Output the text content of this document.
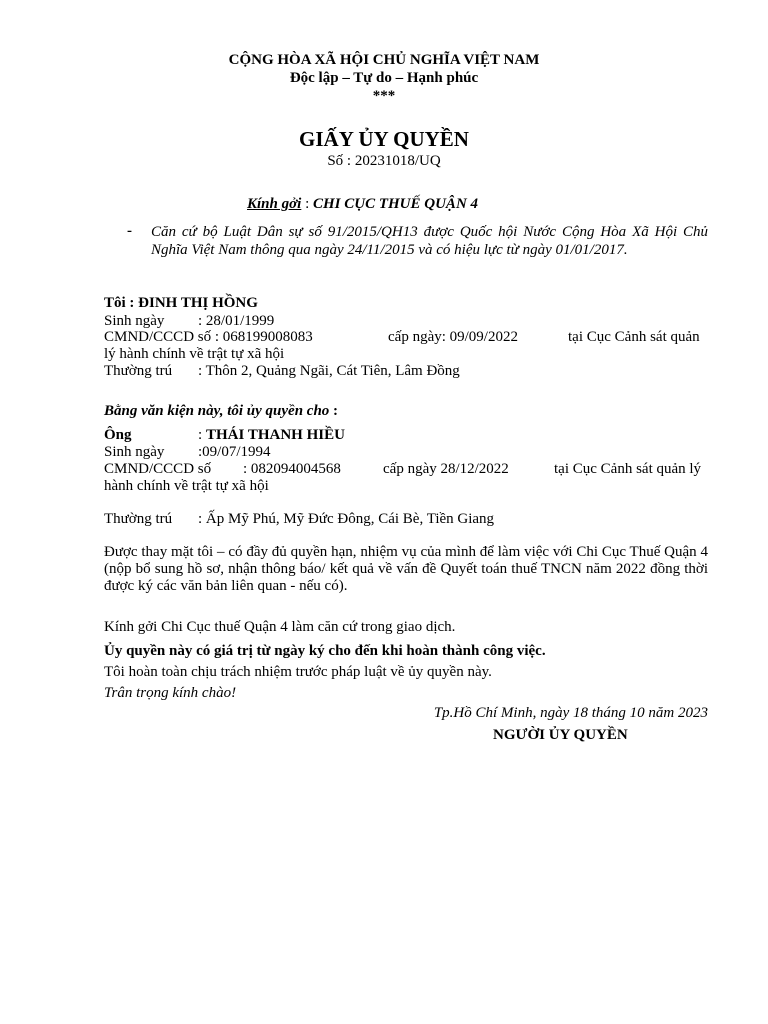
CỘNG HÒA XÃ HỘI CHỦ NGHĨA VIỆT NAM
Độc lập – Tự do – Hạnh phúc
***
GIẤY ỦY QUYỀN
Số : 20231018/UQ
Kính gởi : CHI CỤC THUẾ QUẬN 4
- Căn cứ bộ Luật Dân sự số 91/2015/QH13 được Quốc hội Nước Cộng Hòa Xã Hội Chủ Nghĩa Việt Nam thông qua ngày 24/11/2015 và có hiệu lực từ ngày 01/01/2017.
Tôi : ĐINH THỊ HỒNG
Sinh ngày : 28/01/1999
CMND/CCCD số : 068199008083	cấp ngày: 09/09/2022	tại Cục Cảnh sát quản
lý hành chính về trật tự xã hội
Thường trú : Thôn 2, Quảng Ngãi, Cát Tiên, Lâm Đồng
Bằng văn kiện này, tôi ủy quyền cho :
Ông	: THÁI THANH HIỀU
Sinh ngày :09/07/1994
CMND/CCCD số : 082094004568	cấp ngày 28/12/2022	tại Cục Cảnh sát quản lý
hành chính về trật tự xã hội
Thường trú : Ấp Mỹ Phú, Mỹ Đức Đông, Cái Bè, Tiền Giang
Được thay mặt tôi – có đầy đủ quyền hạn, nhiệm vụ của mình để làm việc với Chi Cục Thuế Quận 4 (nộp bổ sung hồ sơ, nhận thông báo/ kết quả về vấn đề Quyết toán thuế TNCN năm 2022 đồng thời được ký các văn bản liên quan - nếu có).
Kính gởi Chi Cục thuế Quận 4 làm căn cứ trong giao dịch.
Ủy quyền này có giá trị từ ngày ký cho đến khi hoàn thành công việc.
Tôi hoàn toàn chịu trách nhiệm trước pháp luật về ủy quyền này.
Trân trọng kính chào!
Tp.Hồ Chí Minh, ngày 18 tháng 10 năm 2023
NGƯỜI ỦY QUYỀN
